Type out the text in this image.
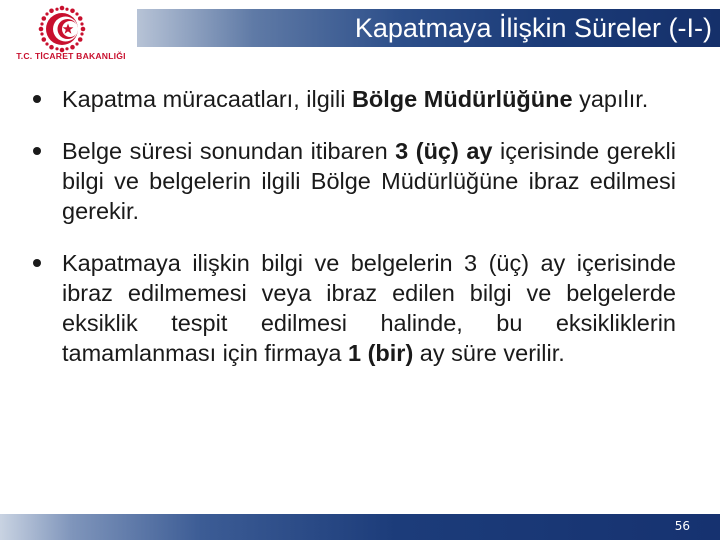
T.C. TİCARET BAKANLIĞI
Kapatmaya İlişkin Süreler (-I-)
Kapatma müracaatları, ilgili Bölge Müdürlüğüne yapılır.
Belge süresi sonundan itibaren 3 (üç) ay içerisinde gerekli bilgi ve belgelerin ilgili Bölge Müdürlüğüne ibraz edilmesi gerekir.
Kapatmaya ilişkin bilgi ve belgelerin 3 (üç) ay içerisinde ibraz edilmemesi veya ibraz edilen bilgi ve belgelerde eksiklik tespit edilmesi halinde, bu eksikliklerin tamamlanması için firmaya 1 (bir) ay süre verilir.
56
